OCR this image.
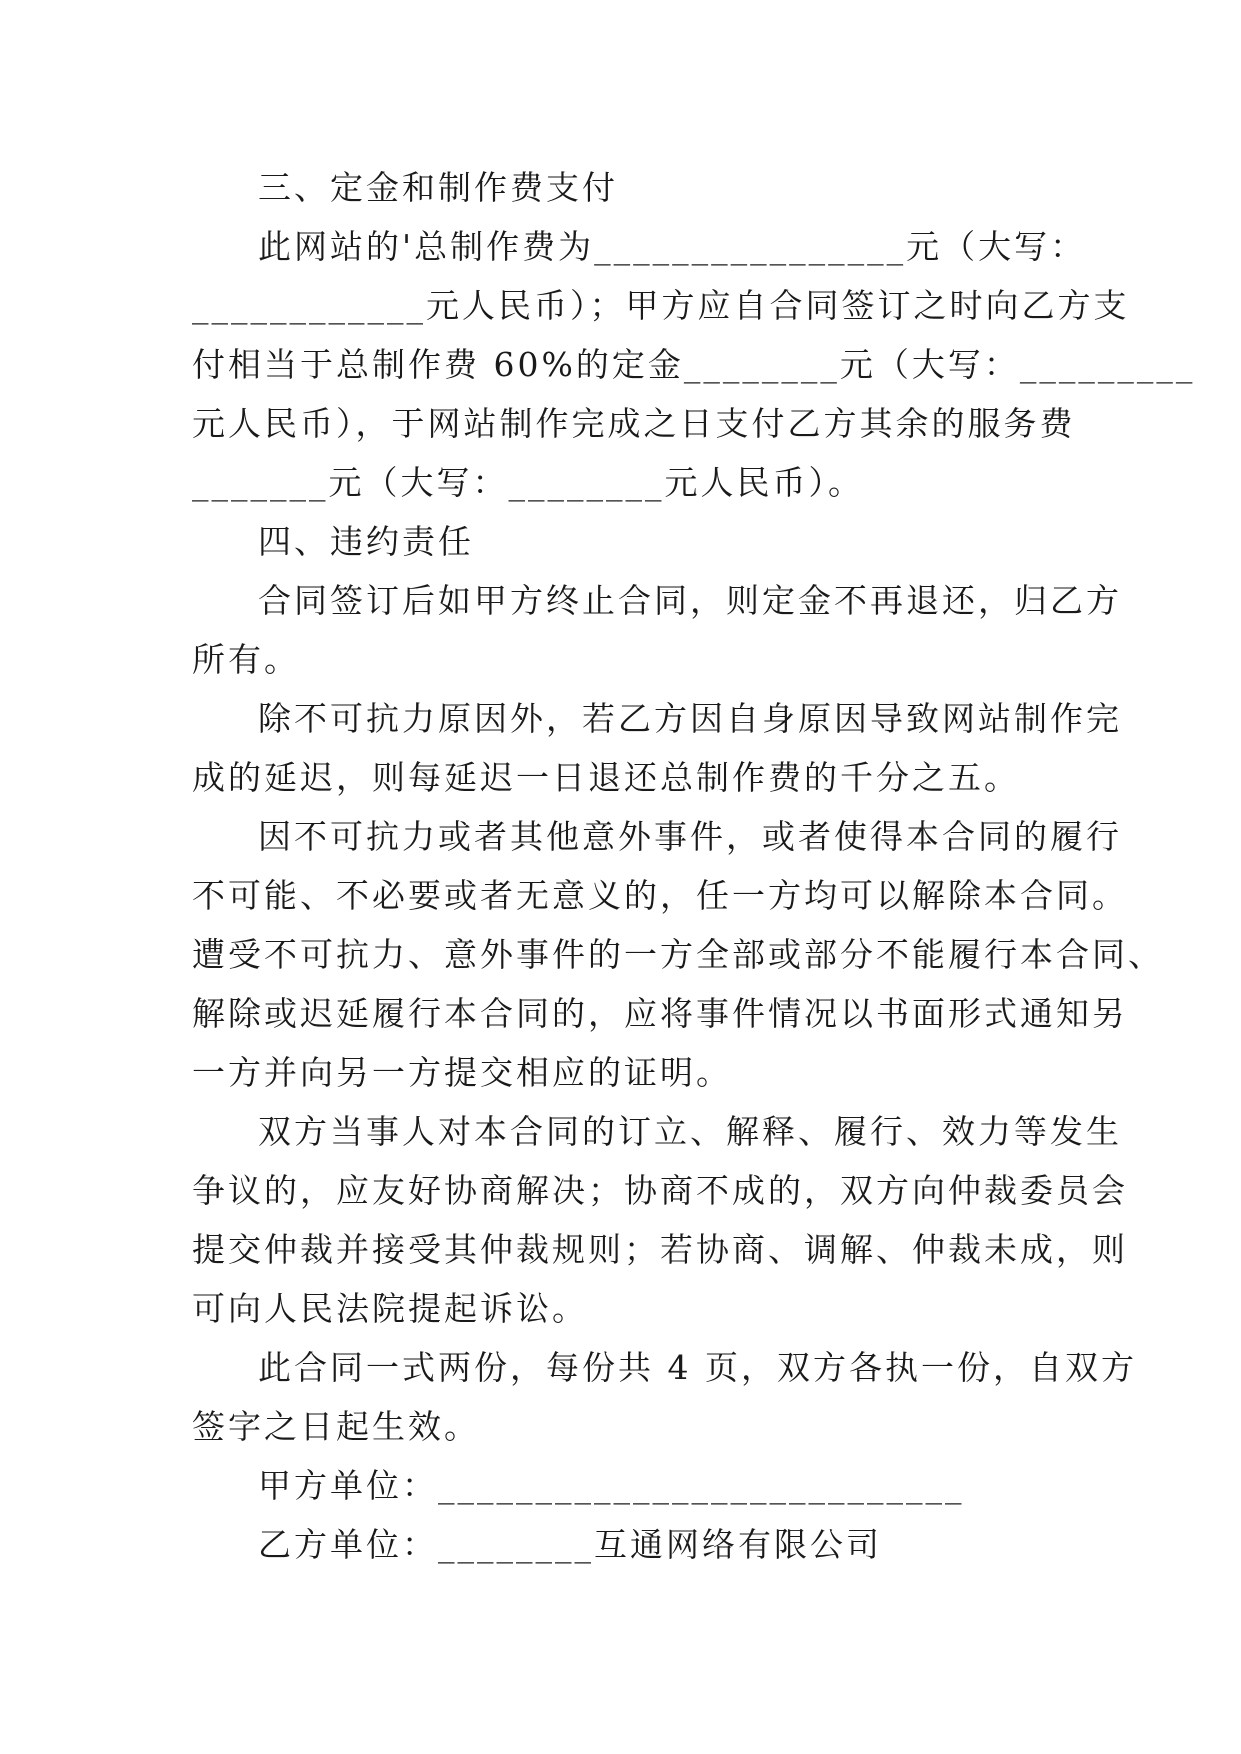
三、定金和制作费支付
此网站的'总制作费为________________元（大写：
____________元人民币）；甲方应自合同签订之时向乙方支
付相当于总制作费 60%的定金________元（大写：_________
元人民币），于网站制作完成之日支付乙方其余的服务费
_______元（大写：________元人民币）。
四、违约责任
合同签订后如甲方终止合同，则定金不再退还，归乙方
所有。
除不可抗力原因外，若乙方因自身原因导致网站制作完
成的延迟，则每延迟一日退还总制作费的千分之五。
因不可抗力或者其他意外事件，或者使得本合同的履行
不可能、不必要或者无意义的，任一方均可以解除本合同。
遭受不可抗力、意外事件的一方全部或部分不能履行本合同、
解除或迟延履行本合同的，应将事件情况以书面形式通知另
一方并向另一方提交相应的证明。
双方当事人对本合同的订立、解释、履行、效力等发生
争议的，应友好协商解决；协商不成的，双方向仲裁委员会
提交仲裁并接受其仲裁规则；若协商、调解、仲裁未成，则
可向人民法院提起诉讼。
此合同一式两份，每份共 4 页，双方各执一份，自双方
签字之日起生效。
甲方单位：___________________________
乙方单位：________互通网络有限公司
